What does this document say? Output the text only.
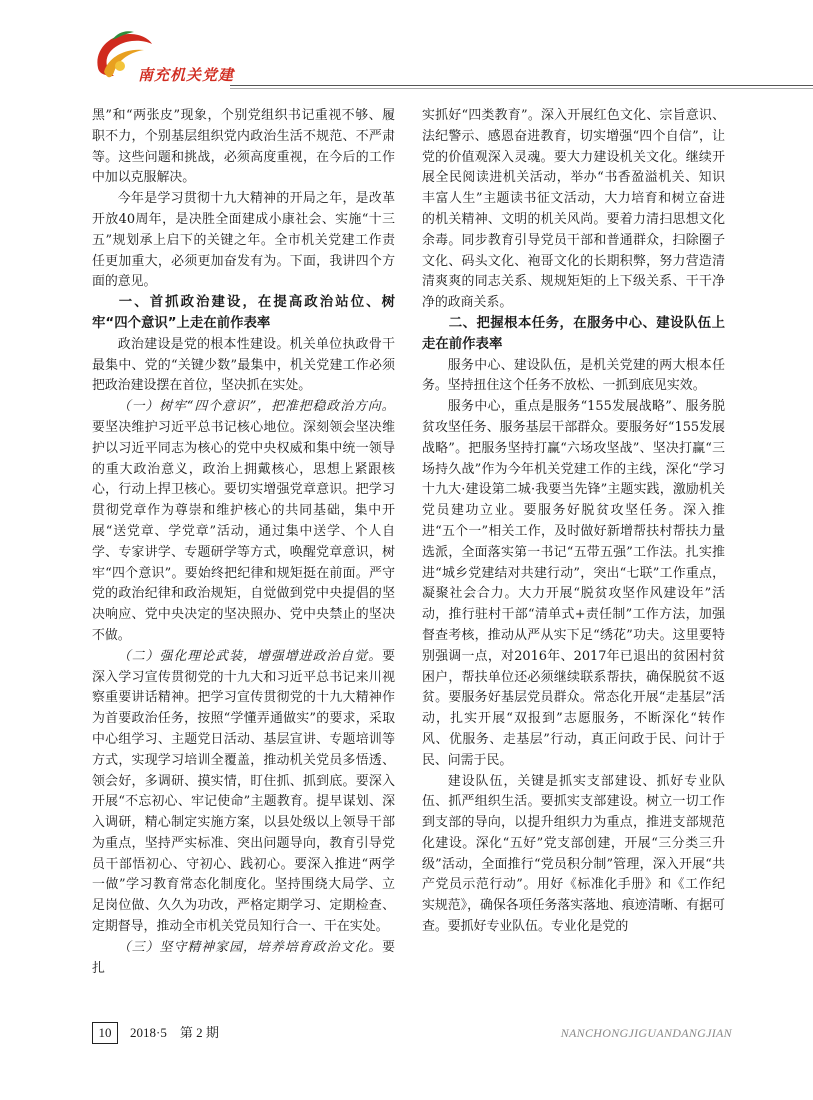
南充机关党建

黑”和“两张皮”现象，个别党组织书记重视不够、履职不力，个别基层组织党内政治生活不规范、不严肃等。这些问题和挑战，必须高度重视，在今后的工作中加以克服解决。

今年是学习贯彻十九大精神的开局之年，是改革开放40周年，是决胜全面建成小康社会、实施“十三五”规划承上启下的关键之年。全市机关党建工作责任更加重大，必须更加奋发有为。下面，我讲四个方面的意见。

一、首抓政治建设，在提高政治站位、树牢“四个意识”上走在前作表率

政治建设是党的根本性建设。机关单位执政骨干最集中、党的“关键少数”最集中，机关党建工作必须把政治建设摆在首位，坚决抓在实处。

（一）树牢“四个意识”，把准把稳政治方向。要坚决维护习近平总书记核心地位。深刻领会坚决维护以习近平同志为核心的党中央权威和集中统一领导的重大政治意义，政治上拥戴核心，思想上紧跟核心，行动上捍卫核心。要切实增强党章意识。把学习贯彻党章作为尊崇和维护核心的共同基础，集中开展“送党章、学党章”活动，通过集中送学、个人自学、专家讲学、专题研学等方式，唤醒党章意识，树牢“四个意识”。要始终把纪律和规矩挺在前面。严守党的政治纪律和政治规矩，自觉做到党中央提倡的坚决响应、党中央决定的坚决照办、党中央禁止的坚决不做。

（二）强化理论武装，增强增进政治自觉。要深入学习宣传贯彻党的十九大和习近平总书记来川视察重要讲话精神。把学习宣传贯彻党的十九大精神作为首要政治任务，按照“学懂弄通做实”的要求，采取中心组学习、主题党日活动、基层宣讲、专题培训等方式，实现学习培训全覆盖，推动机关党员多悟透、领会好，多调研、摸实情，盯住抓、抓到底。要深入开展“不忘初心、牢记使命”主题教育。提早谋划、深入调研，精心制定实施方案，以县处级以上领导干部为重点，坚持严实标准、突出问题导向，教育引导党员干部悟初心、守初心、践初心。要深入推进“两学一做”学习教育常态化制度化。坚持围绕大局学、立足岗位做、久久为功改，严格定期学习、定期检查、定期督导，推动全市机关党员知行合一、干在实处。

（三）坚守精神家园，培养培育政治文化。要扎

实抓好“四类教育”。深入开展红色文化、宗旨意识、法纪警示、感恩奋进教育，切实增强“四个自信”，让党的价值观深入灵魂。要大力建设机关文化。继续开展全民阅读进机关活动，举办“书香盈溢机关、知识丰富人生”主题读书征文活动，大力培育和树立奋进的机关精神、文明的机关风尚。要着力清扫思想文化余毒。同步教育引导党员干部和普通群众，扫除圈子文化、码头文化、袍哥文化的长期积弊，努力营造清清爽爽的同志关系、规规矩矩的上下级关系、干干净净的政商关系。

二、把握根本任务，在服务中心、建设队伍上走在前作表率

服务中心、建设队伍，是机关党建的两大根本任务。坚持扭住这个任务不放松、一抓到底见实效。

服务中心，重点是服务“155发展战略”、服务脱贫攻坚任务、服务基层干部群众。要服务好“155发展战略”。把服务坚持打赢“六场攻坚战”、坚决打赢“三场持久战”作为今年机关党建工作的主线，深化“学习十九大·建设第二城·我要当先锋”主题实践，激励机关党员建功立业。要服务好脱贫攻坚任务。深入推进“五个一”相关工作，及时做好新增帮扶村帮扶力量选派，全面落实第一书记“五带五强”工作法。扎实推进“城乡党建结对共建行动”，突出“七联”工作重点，凝聚社会合力。大力开展“脱贫攻坚作风建设年”活动，推行驻村干部“清单式+责任制”工作方法，加强督查考核，推动从严从实下足“绣花”功夫。这里要特别强调一点，对2016年、2017年已退出的贫困村贫困户，帮扶单位还必须继续联系帮扶，确保脱贫不返贫。要服务好基层党员群众。常态化开展“走基层”活动，扎实开展“双报到”志愿服务，不断深化“转作风、优服务、走基层”行动，真正问政于民、问计于民、问需于民。

建设队伍，关键是抓实支部建设、抓好专业队伍、抓严组织生活。要抓实支部建设。树立一切工作到支部的导向，以提升组织力为重点，推进支部规范化建设。深化“五好”党支部创建，开展“三分类三升级”活动，全面推行“党员积分制”管理，深入开展“共产党员示范行动”。用好《标准化手册》和《工作纪实规范》，确保各项任务落实落地、痕迹清晰、有据可查。要抓好专业队伍。专业化是党的

10	2018·5　第 2 期	NANCHONGJIGUANDANGJIAN
